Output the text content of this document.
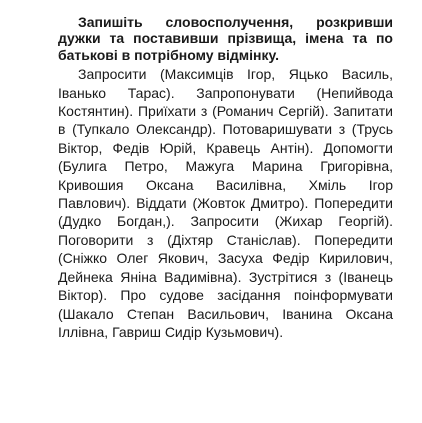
Запишіть словосполучення, розкривши дужки та поставивши прізвища, імена та по батькові в потрібному відмінку.

Запросити (Максимців Ігор, Яцько Василь, Іванько Тарас). Запропонувати (Непийвода Костянтин). Приїхати з (Романич Сергій). Запитати в (Тупкало Олександр). Потоваришувати з (Трусь Віктор, Федів Юрій, Кравець Антін). Допомогти (Булига Петро, Мажуга Марина Григорівна, Кривошия Оксана Василівна, Хміль Ігор Павлович). Віддати (Жовток Дмитро). Попередити (Дудко Богдан,). Запросити (Жихар Георгій). Поговорити з (Діхтяр Станіслав). Попередити (Сніжко Олег Якович, Засуха Федір Кирилович, Дейнека Яніна Вадимівна). Зустрітися з (Іванець Віктор). Про судове засідання поінформувати (Шакало Степан Васильович, Іванина Оксана Іллівна, Гавриш Сидір Кузьмович).
